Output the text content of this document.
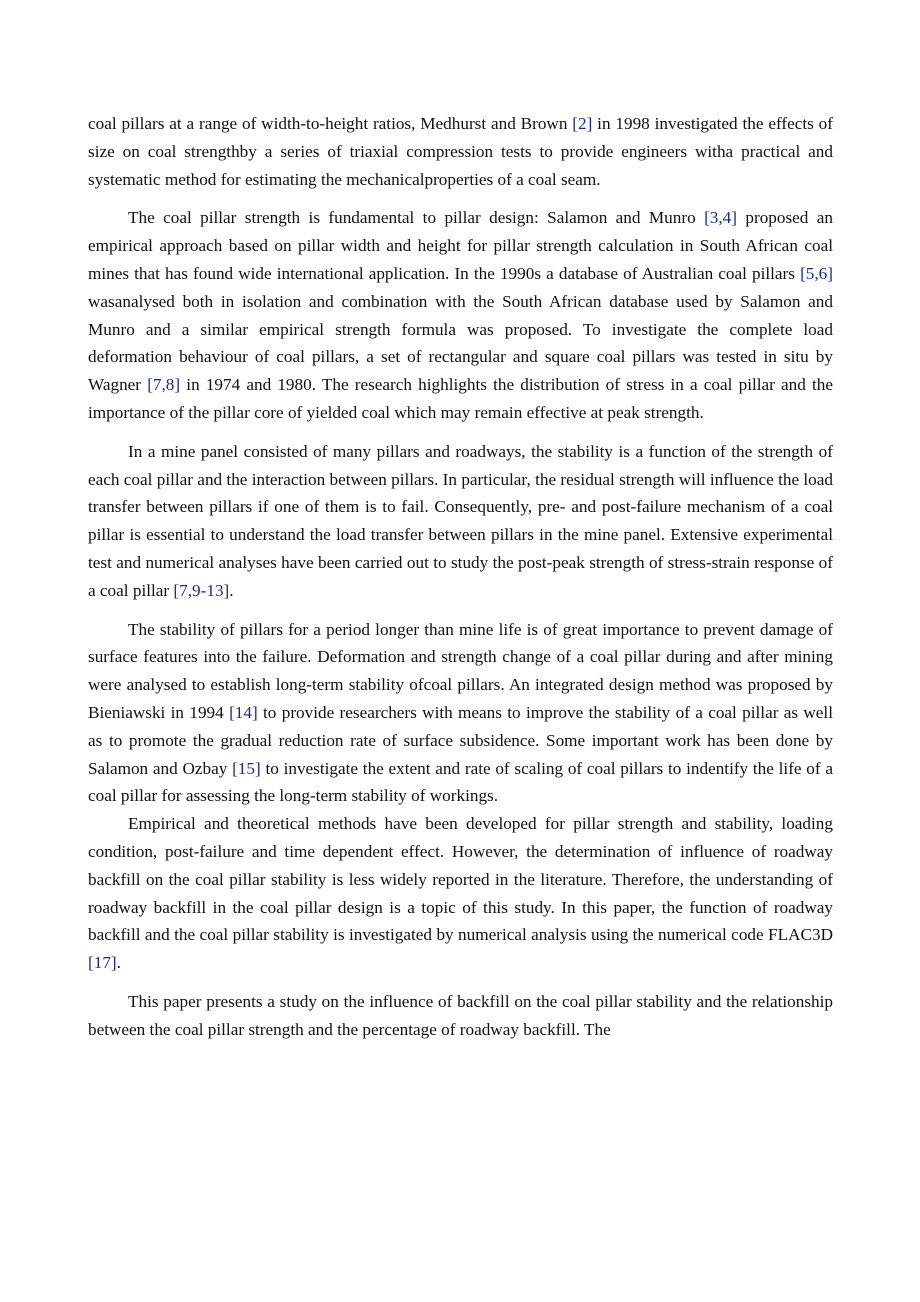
coal pillars at a range of width-to-height ratios, Medhurst and Brown [2] in 1998 investigated the effects of size on coal strengthby a series of triaxial compression tests to provide engineers witha practical and systematic method for estimating the mechanicalproperties of a coal seam.

The coal pillar strength is fundamental to pillar design: Salamon and Munro [3,4] proposed an empirical approach based on pillar width and height for pillar strength calculation in South African coal mines that has found wide international application. In the 1990s a database of Australian coal pillars [5,6] wasanalysed both in isolation and combination with the South African database used by Salamon and Munro and a similar empirical strength formula was proposed. To investigate the complete load deformation behaviour of coal pillars, a set of rectangular and square coal pillars was tested in situ by Wagner [7,8] in 1974 and 1980. The research highlights the distribution of stress in a coal pillar and the importance of the pillar core of yielded coal which may remain effective at peak strength.

In a mine panel consisted of many pillars and roadways, the stability is a function of the strength of each coal pillar and the interaction between pillars. In particular, the residual strength will influence the load transfer between pillars if one of them is to fail. Consequently, pre- and post-failure mechanism of a coal pillar is essential to understand the load transfer between pillars in the mine panel. Extensive experimental test and numerical analyses have been carried out to study the post-peak strength of stress-strain response of a coal pillar [7,9-13].

The stability of pillars for a period longer than mine life is of great importance to prevent damage of surface features into the failure. Deformation and strength change of a coal pillar during and after mining were analysed to establish long-term stability ofcoal pillars. An integrated design method was proposed by Bieniawski in 1994 [14] to provide researchers with means to improve the stability of a coal pillar as well as to promote the gradual reduction rate of surface subsidence. Some important work has been done by Salamon and Ozbay [15] to investigate the extent and rate of scaling of coal pillars to indentify the life of a coal pillar for assessing the long-term stability of workings.

Empirical and theoretical methods have been developed for pillar strength and stability, loading condition, post-failure and time dependent effect. However, the determination of influence of roadway backfill on the coal pillar stability is less widely reported in the literature. Therefore, the understanding of roadway backfill in the coal pillar design is a topic of this study. In this paper, the function of roadway backfill and the coal pillar stability is investigated by numerical analysis using the numerical code FLAC3D [17].

This paper presents a study on the influence of backfill on the coal pillar stability and the relationship between the coal pillar strength and the percentage of roadway backfill. The
